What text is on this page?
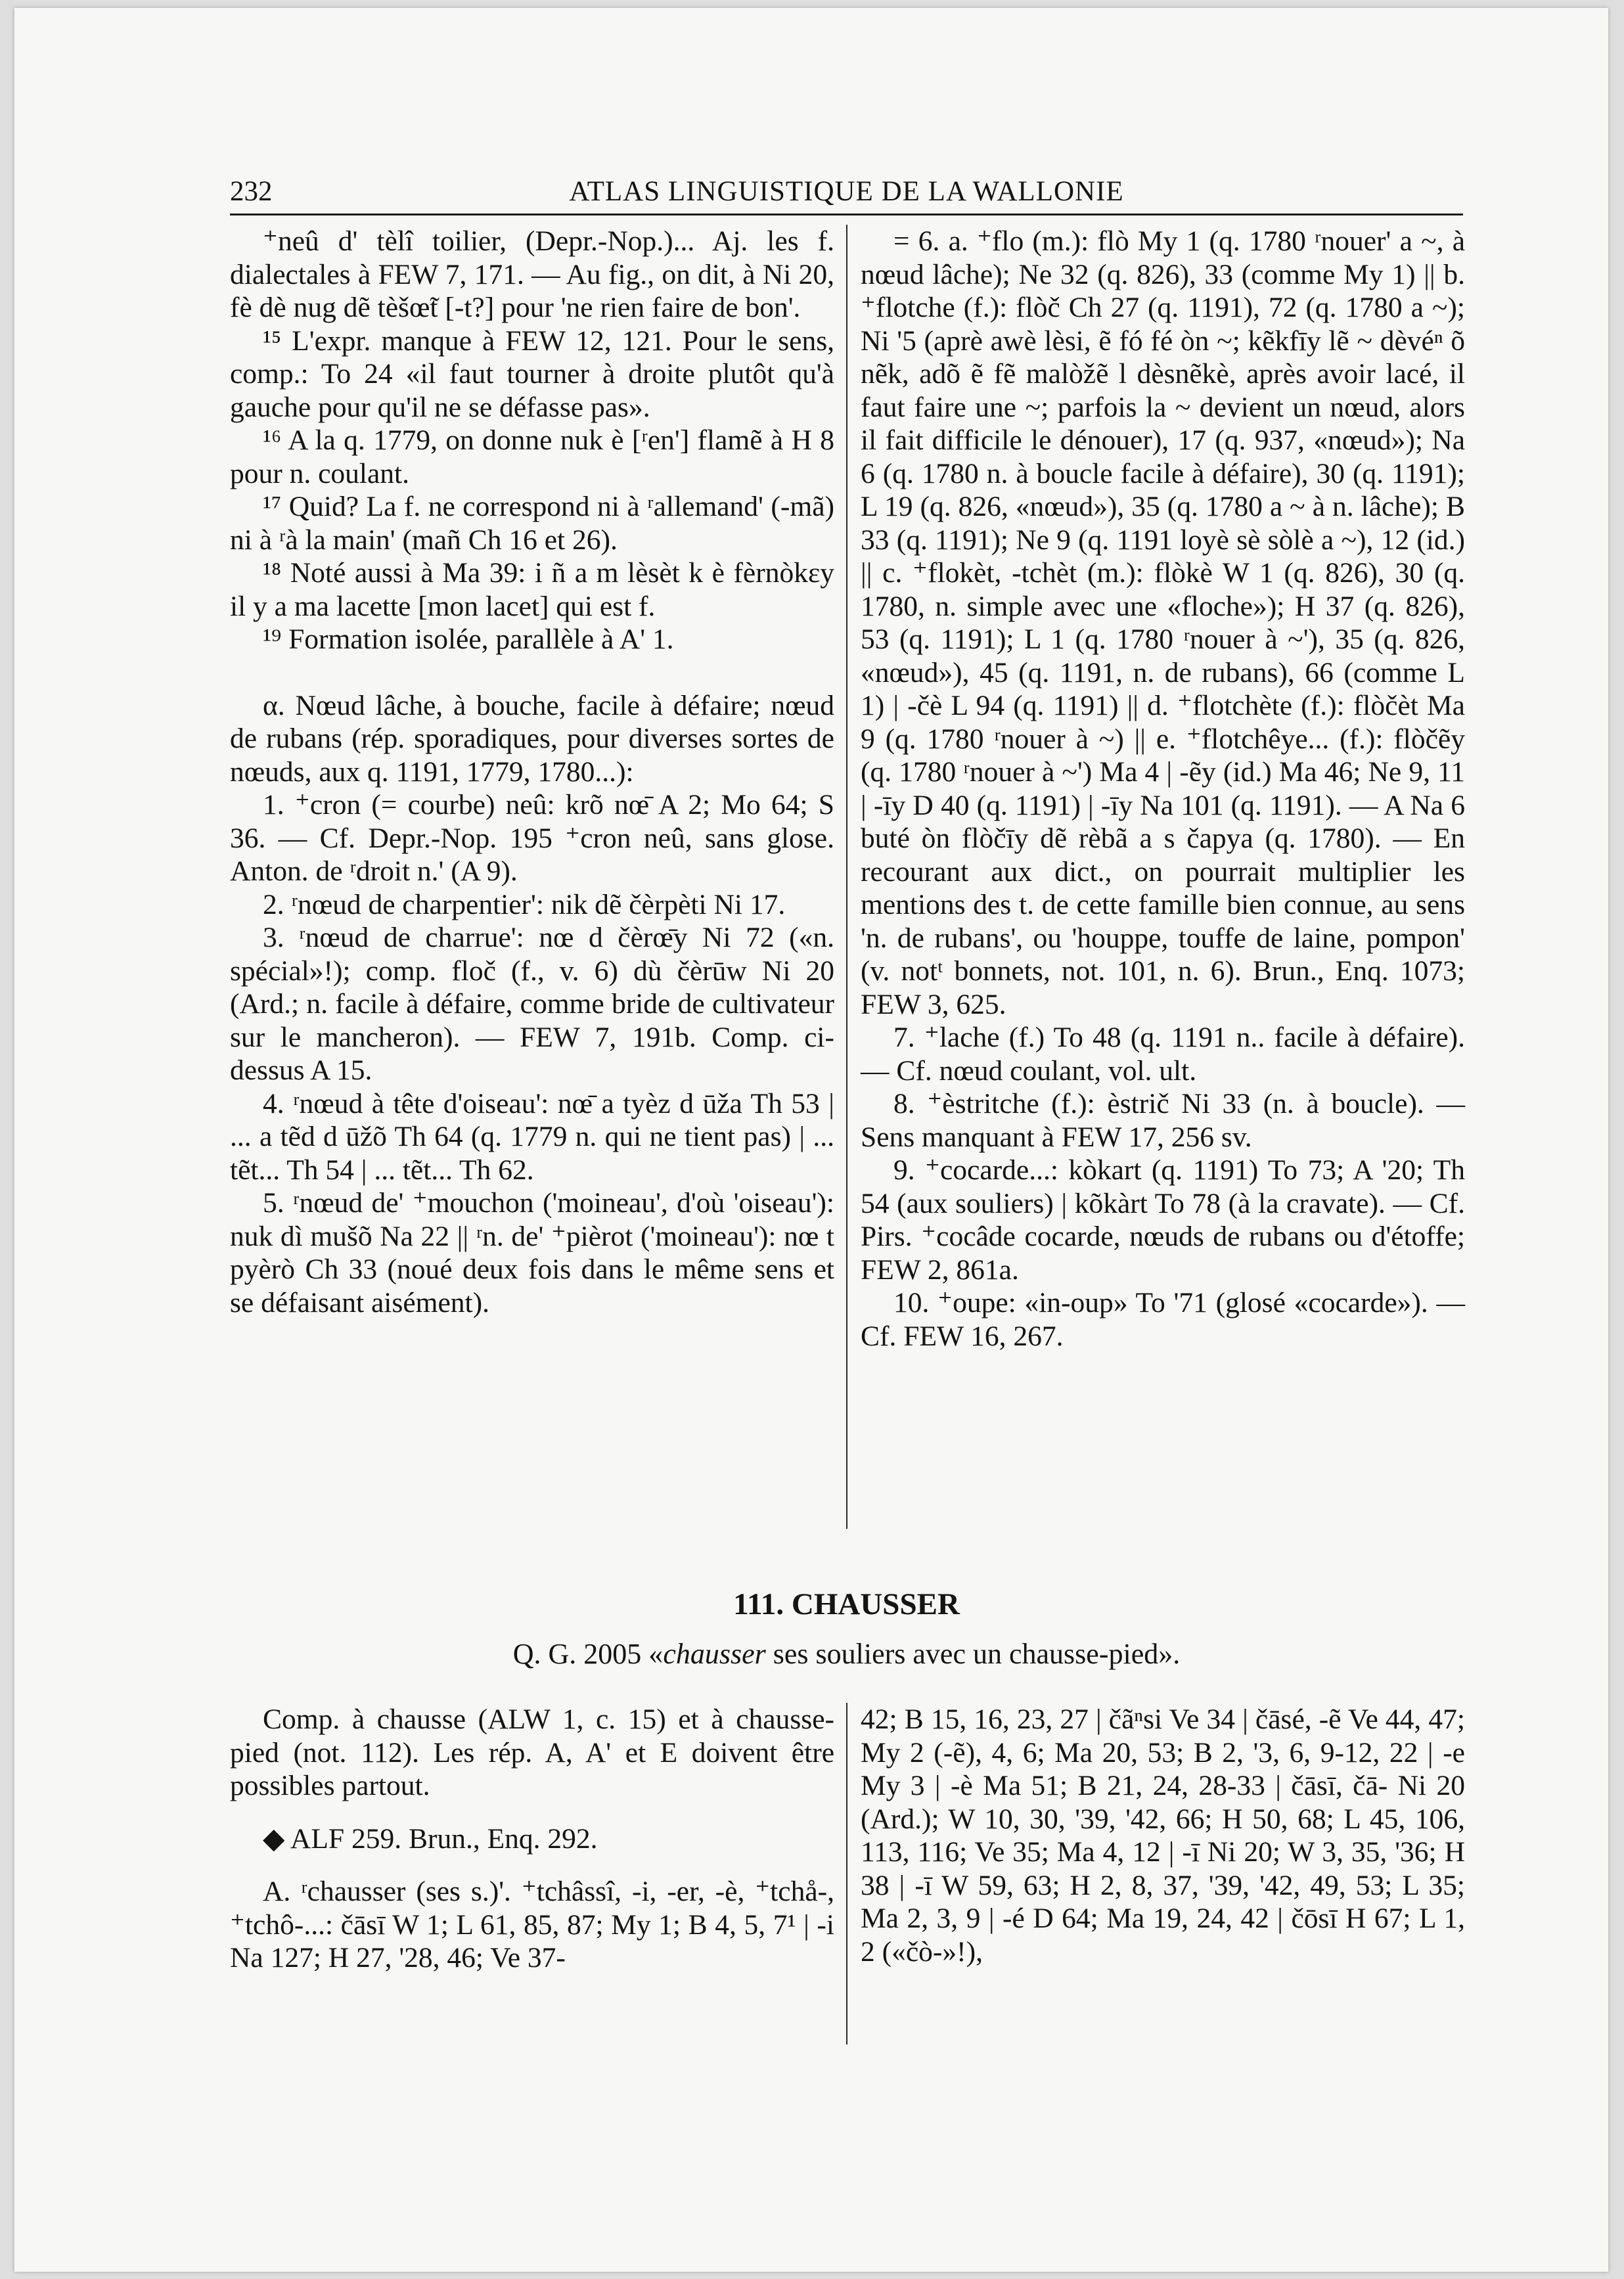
232	ATLAS LINGUISTIQUE DE LA WALLONIE

⁺neû d' tèlî toilier, (Depr.-Nop.)... Aj. les f. dialectales à FEW 7, 171. — Au fig., on dit, à Ni 20, fè dè nug dẽ tèšœ̃t [-t?] pour 'ne rien faire de bon'.

¹⁵ L'expr. manque à FEW 12, 121. Pour le sens, comp.: To 24 «il faut tourner à droite plutôt qu'à gauche pour qu'il ne se défasse pas».

¹⁶ A la q. 1779, on donne nuk è [ʳen'] flamẽ à H 8 pour n. coulant.

¹⁷ Quid? La f. ne correspond ni à ʳallemand' (-mã) ni à ʳà la main' (mañ Ch 16 et 26).

¹⁸ Noté aussi à Ma 39: i ñ a m lèsèt k è fèrnòkɛy il y a ma lacette [mon lacet] qui est f.

¹⁹ Formation isolée, parallèle à A' 1.

α. Nœud lâche, à bouche, facile à défaire; nœud de rubans (rép. sporadiques, pour diverses sortes de nœuds, aux q. 1191, 1779, 1780...):

1. ⁺cron (= courbe) neû: krõ nœ̄ A 2; Mo 64; S 36. — Cf. Depr.-Nop. 195 ⁺cron neû, sans glose. Anton. de ʳdroit n.' (A 9).

2. ʳnœud de charpentier': nik dẽ čèrpèti Ni 17.

3. ʳnœud de charrue': nœ d čèrœ̄y Ni 72 («n. spécial»!); comp. floč (f., v. 6) dù čèrūw Ni 20 (Ard.; n. facile à défaire, comme bride de cultivateur sur le mancheron). — FEW 7, 191b. Comp. ci-dessus A 15.

4. ʳnœud à tête d'oiseau': nœ̄ a tyèz d ūža Th 53 | ... a tẽd d ūžõ Th 64 (q. 1779 n. qui ne tient pas) | ... tẽt... Th 54 | ... tẽt... Th 62.

5. ʳnœud de' ⁺mouchon ('moineau', d'où 'oiseau'): nuk dì mušõ Na 22 || ʳn. de' ⁺pièrot ('moineau'): nœ t pyèrò Ch 33 (noué deux fois dans le même sens et se défaisant aisément).

= 6. a. ⁺flo (m.): flò My 1 (q. 1780 ʳnouer' a ~, à nœud lâche); Ne 32 (q. 826), 33 (comme My 1) || b. ⁺flotche (f.): flòč Ch 27 (q. 1191), 72 (q. 1780 a ~); Ni '5 (aprè awè lèsi, ẽ fó fé òn ~; kẽkfīy lẽ ~ dèvéⁿ õ nẽk, adõ ẽ fẽ malòžẽ l dèsnẽkè, après avoir lacé, il faut faire une ~; parfois la ~ devient un nœud, alors il fait difficile le dénouer), 17 (q. 937, «nœud»); Na 6 (q. 1780 n. à boucle facile à défaire), 30 (q. 1191); L 19 (q. 826, «nœud»), 35 (q. 1780 a ~ à n. lâche); B 33 (q. 1191); Ne 9 (q. 1191 loyè sè sòlè a ~), 12 (id.) || c. ⁺flokèt, -tchèt (m.): flòkè W 1 (q. 826), 30 (q. 1780, n. simple avec une «floche»); H 37 (q. 826), 53 (q. 1191); L 1 (q. 1780 ʳnouer à ~'), 35 (q. 826, «nœud»), 45 (q. 1191, n. de rubans), 66 (comme L 1) | -čè L 94 (q. 1191) || d. ⁺flotchète (f.): flòčèt Ma 9 (q. 1780 ʳnouer à ~) || e. ⁺flotchêye... (f.): flòčẽy (q. 1780 ʳnouer à ~') Ma 4 | -ẽy (id.) Ma 46; Ne 9, 11 | -īy D 40 (q. 1191) | -īy Na 101 (q. 1191). — A Na 6 buté òn flòčīy dẽ rèbã a s čapya (q. 1780). — En recourant aux dict., on pourrait multiplier les mentions des t. de cette famille bien connue, au sens 'n. de rubans', ou 'houppe, touffe de laine, pompon' (v. notᵗ bonnets, not. 101, n. 6). Brun., Enq. 1073; FEW 3, 625.

7. ⁺lache (f.) To 48 (q. 1191 n.. facile à défaire). — Cf. nœud coulant, vol. ult.

8. ⁺èstritche (f.): èstrič Ni 33 (n. à boucle). — Sens manquant à FEW 17, 256 sv.

9. ⁺cocarde...: kòkart (q. 1191) To 73; A '20; Th 54 (aux souliers) | kõkàrt To 78 (à la cravate). — Cf. Pirs. ⁺cocâde cocarde, nœuds de rubans ou d'étoffe; FEW 2, 861a.

10. ⁺oupe: «in-oup» To '71 (glosé «cocarde»). — Cf. FEW 16, 267.

111. CHAUSSER
Q. G. 2005 «chausser ses souliers avec un chausse-pied».

Comp. à chausse (ALW 1, c. 15) et à chausse-pied (not. 112). Les rép. A, A' et E doivent être possibles partout.

◆ ALF 259. Brun., Enq. 292.

A. ʳchausser (ses s.)'. ⁺tchâssî, -i, -er, -è, ⁺tchå-, ⁺tchô-...: čāsī W 1; L 61, 85, 87; My 1; B 4, 5, 7¹ | -i Na 127; H 27, '28, 46; Ve 37-

42; B 15, 16, 23, 27 | čãⁿsi Ve 34 | čāsé, -ẽ Ve 44, 47; My 2 (-ẽ), 4, 6; Ma 20, 53; B 2, '3, 6, 9-12, 22 | -e My 3 | -è Ma 51; B 21, 24, 28-33 | čāsī, čā- Ni 20 (Ard.); W 10, 30, '39, '42, 66; H 50, 68; L 45, 106, 113, 116; Ve 35; Ma 4, 12 | -ī Ni 20; W 3, 35, '36; H 38 | -ī W 59, 63; H 2, 8, 37, '39, '42, 49, 53; L 35; Ma 2, 3, 9 | -é D 64; Ma 19, 24, 42 | čōsī H 67; L 1, 2 («čò-»!),
